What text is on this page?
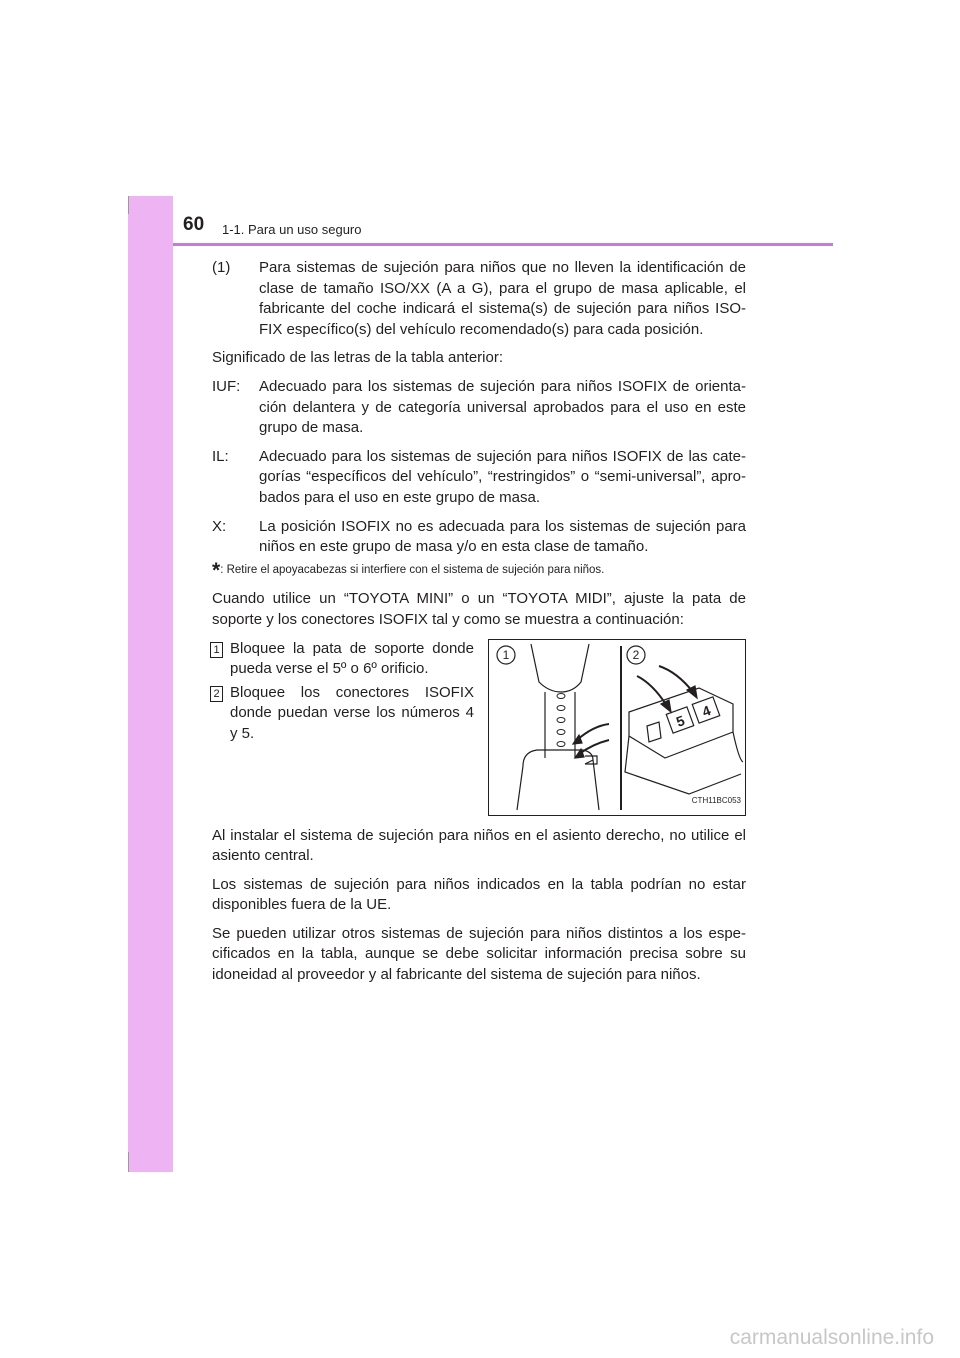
60 1-1. Para un uso seguro
(1)	Para sistemas de sujeción para niños que no lleven la identificación de clase de tamaño ISO/XX (A a G), para el grupo de masa aplicable, el fabricante del coche indicará el sistema(s) de sujeción para niños ISO-FIX específico(s) del vehículo recomendado(s) para cada posición.

Significado de las letras de la tabla anterior:

IUF:	Adecuado para los sistemas de sujeción para niños ISOFIX de orienta-ción delantera y de categoría universal aprobados para el uso en este grupo de masa.
IL:	Adecuado para los sistemas de sujeción para niños ISOFIX de las cate-gorías “específicos del vehículo”, “restringidos” o “semi-universal”, apro-bados para el uso en este grupo de masa.
X:	La posición ISOFIX no es adecuada para los sistemas de sujeción para niños en este grupo de masa y/o en esta clase de tamaño.
*: Retire el apoyacabezas si interfiere con el sistema de sujeción para niños.

Cuando utilice un “TOYOTA MINI” o un “TOYOTA MIDI”, ajuste la pata de soporte y los conectores ISOFIX tal y como se muestra a continuación:

1 Bloquee la pata de soporte donde pueda verse el 5º o 6º orificio.
2 Bloquee los conectores ISOFIX donde puedan verse los números 4 y 5.
1	2
5
4
CTH11BC053

Al instalar el sistema de sujeción para niños en el asiento derecho, no utilice el asiento central.

Los sistemas de sujeción para niños indicados en la tabla podrían no estar disponibles fuera de la UE.

Se pueden utilizar otros sistemas de sujeción para niños distintos a los espe-cificados en la tabla, aunque se debe solicitar información precisa sobre su idoneidad al proveedor y al fabricante del sistema de sujeción para niños.

carmanualsonline.info
